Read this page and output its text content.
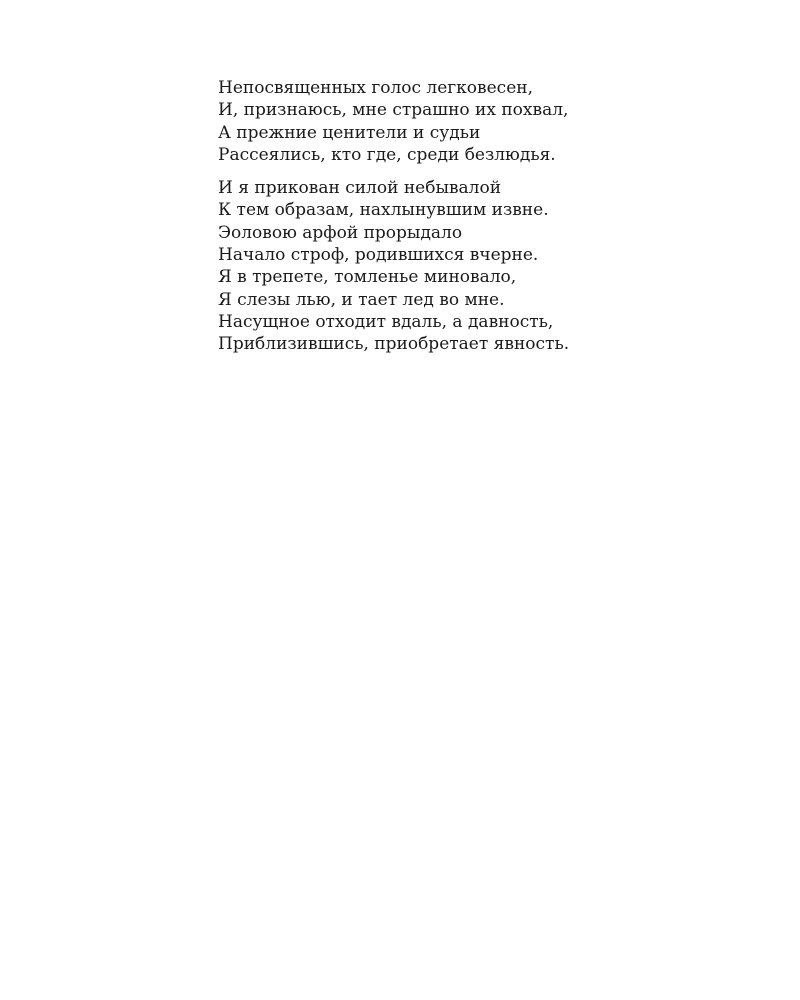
Непосвященных голос легковесен,
И, признаюсь, мне страшно их похвал,
А прежние ценители и судьи
Рассеялись, кто где, среди безлюдья.
И я прикован силой небывалой
К тем образам, нахлынувшим извне.
Эоловою арфой прорыдало
Начало строф, родившихся вчерне.
Я в трепете, томленье миновало,
Я слезы лью, и тает лед во мне.
Насущное отходит вдаль, а давность,
Приблизившись, приобретает явность.
